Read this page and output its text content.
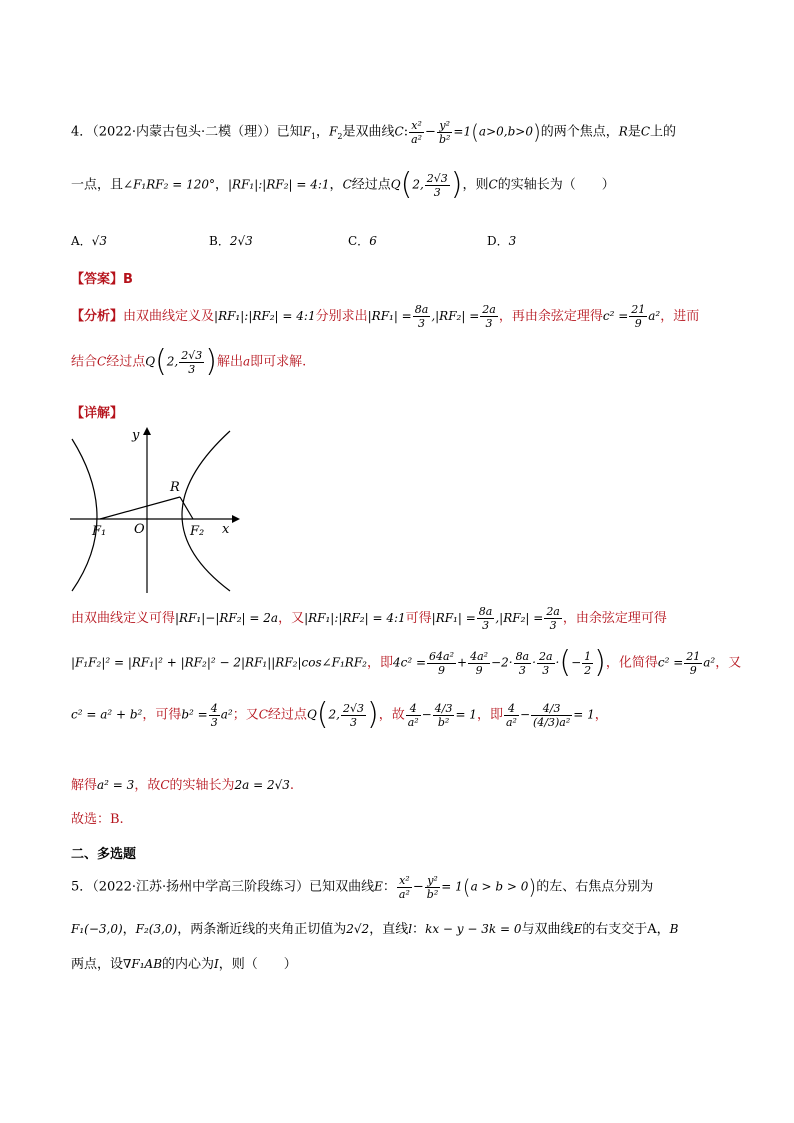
4．（2022·内蒙古包头·二模（理））已知$F_1$，$F_2$是双曲线C: $\frac{\text{x²}}{\text{a²}} - \frac{\text{y²}}{\text{b²}} =1(a>0,b>0)$的两个焦点，R是C上的
一点，且∠F₁RF₂ = 120°，|RF₁|:|RF₂| = 4:1，C经过点Q(2, $\frac{2√3}{3}$ )，则C的实轴长为（　　）
A．√3	B．2√3	C．6	D．3
【答案】B
【分析】由双曲线定义及|RF₁|:|RF₂| = 4:1分别求出$|RF_1| = \frac{8a}{3} ,|RF_2| = \frac{2a}{3}$ ，再由余弦定理得$c^2 = \frac{21}{9} a^2$，进而
结合C经过点Q(2, $\frac{2√3}{3}$ )解出a即可求解.
【详解】
y
x
R
O
F₁	F₂
由双曲线定义可得|RF₁|−|RF₂| = 2a，又|RF₁|:|RF₂| = 4:1可得$|RF_1| = \frac{8a}{3} ,|RF_2| = \frac{2a}{3}$ ，由余弦定理可得
|F₁F₂|² = |RF₁|² + |RF₂|² − 2|RF₁||RF₂|cos∠F₁RF₂，即$4c^2 = \frac{\text{64a²}}{9} + \frac{\text{4a²}}{9} -2\cdot \frac{8a}{3} \cdot \frac{2a}{3}$ ·(− $\frac{1}{2}$ )，化简得$c^2 = \frac{21}{9} a^2$，又
c² = a² + b²，可得$b^2 = \frac{4}{3} a^2$；又C经过点Q(2, $\frac{2√3}{3}$ )，故 $\frac{4}{\text{a²}} - \frac{4/3}{\text{b²}} = 1$，即 $\frac{4}{\text{a²}} - \frac{4/3}{\text{(4/3)a²}} = 1$，
解得a² = 3，故C的实轴长为2a = 2√3.
故选：B.
二、多选题
5．（2022·江苏·扬州中学高三阶段练习）已知双曲线E： $\frac{\text{x²}}{\text{a²}} - \frac{\text{y²}}{\text{b²}} = 1(a > b > 0)$的左、右焦点分别为
F₁(−3,0)，F₂(3,0)，两条渐近线的夹角正切值为2√2，直线l：kx − y − 3k = 0与双曲线E的右支交于A，B
两点，设∇F₁AB的内心为I，则（　　）
